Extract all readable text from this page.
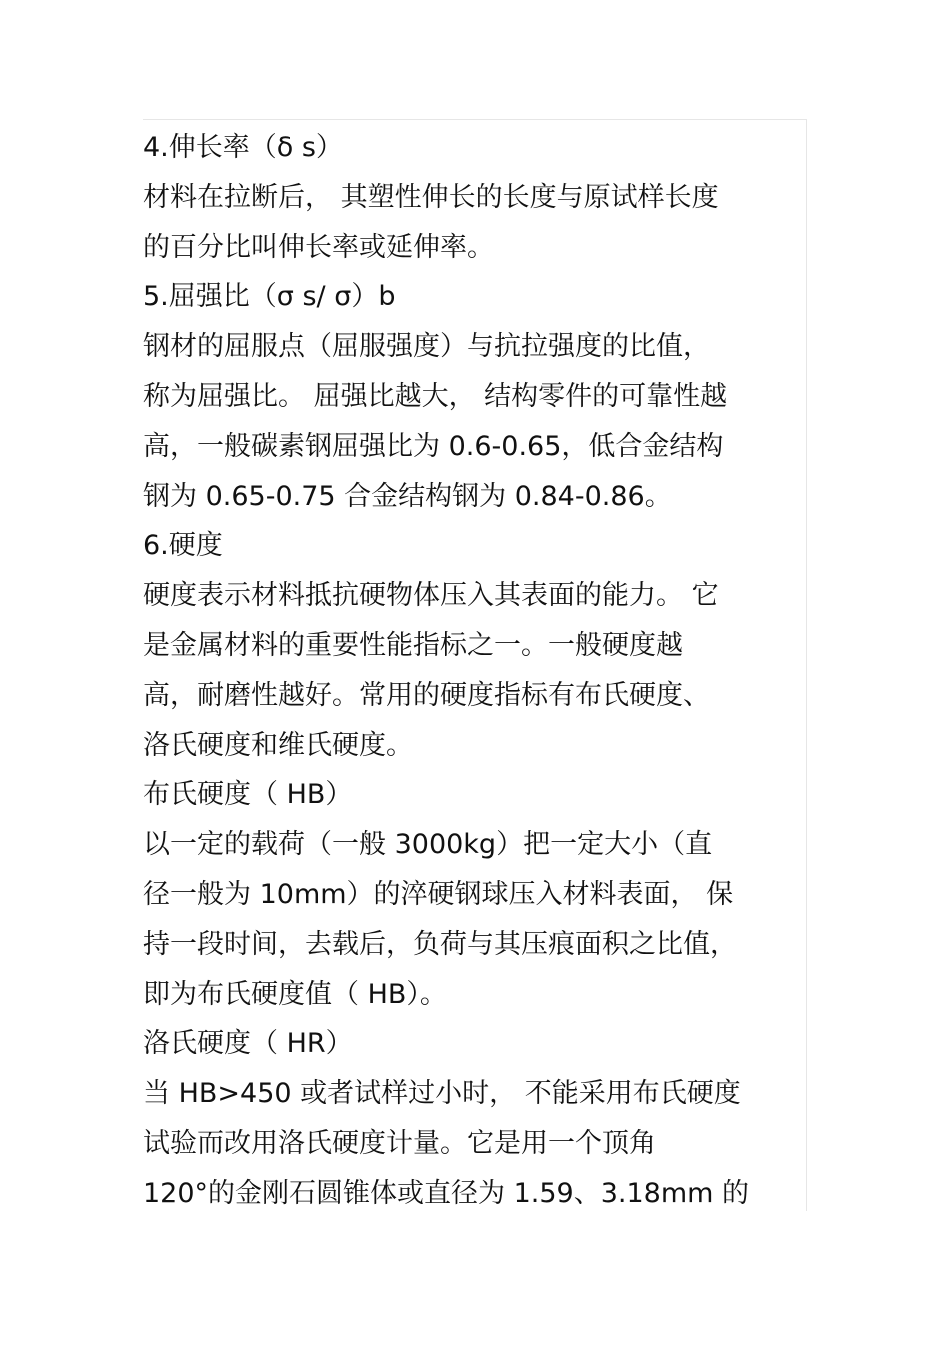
4.伸长率（δ s）
材料在拉断后， 其塑性伸长的长度与原试样长度
的百分比叫伸长率或延伸率。
5.屈强比（σ s/ σ）b
钢材的屈服点（屈服强度）与抗拉强度的比值，
称为屈强比。 屈强比越大， 结构零件的可靠性越
高，一般碳素钢屈强比为 0.6-0.65，低合金结构
钢为 0.65-0.75 合金结构钢为 0.84-0.86。
6.硬度
硬度表示材料抵抗硬物体压入其表面的能力。 它
是金属材料的重要性能指标之一。一般硬度越
高，耐磨性越好。常用的硬度指标有布氏硬度、
洛氏硬度和维氏硬度。
布氏硬度（ HB）
以一定的载荷（一般 3000kg）把一定大小（直
径一般为 10mm）的淬硬钢球压入材料表面， 保
持一段时间，去载后，负荷与其压痕面积之比值，
即为布氏硬度值（ HB）。
洛氏硬度（ HR）
当 HB>450 或者试样过小时， 不能采用布氏硬度
试验而改用洛氏硬度计量。它是用一个顶角
120°的金刚石圆锥体或直径为 1.59、3.18mm 的
